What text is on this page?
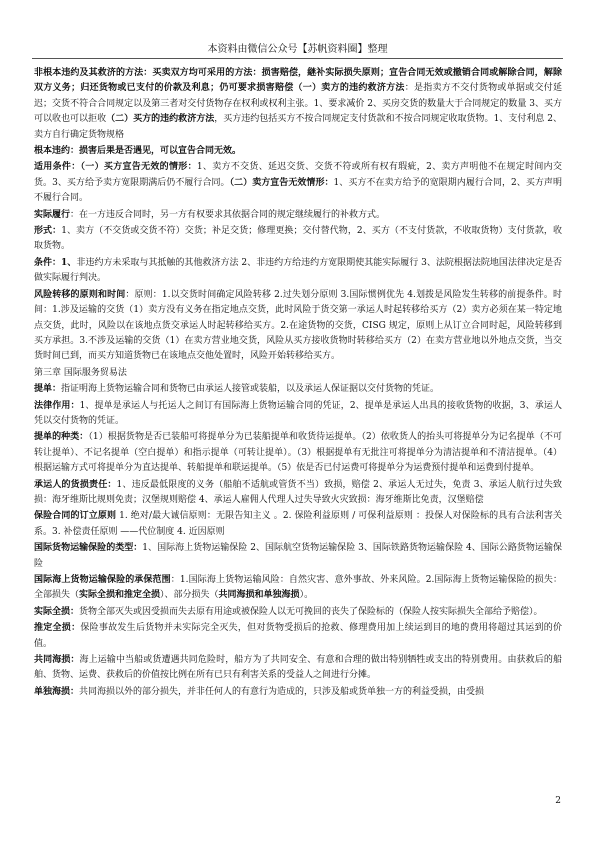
本资料由微信公众号【苏帆资料圈】整理

非根本违约及其救济的方法：买卖双方均可采用的方法：损害赔偿，継补实际损失原则；宣告合同无效或撤销合同或解除合同，解除双方义务；归还货物或已支付的价款及利息；仍可要求损害赔偿（一）卖方的违约救济方法：是指卖方不交付货物或单据或交付延迟；交货不符合合同规定以及第三者对交付货物存在权利或权利主张。1、要求减价 2、买房交货的数量大于合同规定的数量 3、买方可以收也可以拒收（二）买方的违约救济方法，买方违约包括买方不按合同规定支付货款和不按合同规定收取货物。1、支付利息 2、卖方自行确定货物规格

根本违约：损害后果是否遇见，可以宣告合同无效。

适用条件：（一）买方宣告无效的情形：1、卖方不交货、延迟交货、交货不符或所有权有瑕疵，2、卖方声明他不在规定时间内交货。3、买方给予卖方宽限期满后仍不履行合同。（二）卖方宣告无效情形：1、买方不在卖方给予的宽限期内履行合同，2、买方声明不履行合同。

实际履行：在一方违反合同时，另一方有权要求其依据合同的规定继续履行的补救方式。

形式：1、卖方（不交货或交货不符）交货；补足交货；修理更换；交付替代物，2、买方（不支付货款，不收取货物）支付货款，收取货物。

条件：1、非违约方未采取与其抵触的其他救济方法 2、非违约方给违约方宽限期使其能实际履行 3、法院根据法院地国法律决定是否做实际履行判决。

风险转移的原则和时间：原则：1.以交货时间确定风险转移 2.过失划分原则 3.国际惯例优先 4.划拨是风险发生转移的前提条件。时间：1.涉及运输的交货（1）卖方没有义务在指定地点交货，此时风险于货交第一承运人时起转移给买方（2）卖方必须在某一特定地点交货，此时，风险以在该地点货交承运人时起转移给买方。2.在途货物的交货，CISG 规定，原则上从订立合同时起，风险转移到买方承担。3.不涉及运输的交货（1）在卖方营业地交货，风险从买方接收货物时转移给买方（2）在卖方营业地以外地点交货，当交货时间已到，而买方知道货物已在该地点交他处置时，风险开始转移给买方。

第三章 国际服务贸易法

提单：指证明海上货物运输合同和货物已由承运人接管或装船，以及承运人保证据以交付货物的凭证。

法律作用：1、提单是承运人与托运人之间订有国际海上货物运输合同的凭证，2、提单是承运人出具的接收货物的收据，3、承运人凭以交付货物的凭证。

提单的种类：（1）根据货物是否已装船可将提单分为已装船提单和收货待运提单。（2）依收货人的抬头可将提单分为记名提单（不可转让提单）、不记名提单（空白提单）和指示提单（可转让提单）。（3）根据提单有无批注可将提单分为清洁提单和不清洁提单。（4）根据运输方式可将提单分为直达提单、转船提单和联运提单。（5）依是否已付运费可将提单分为运费预付提单和运费到付提单。

承运人的货损责任：1、违反最低限度的义务（船舶不适航或管货不当）致损，赔偿 2、承运人无过失，免责 3、承运人航行过失致损：海牙维斯比规则免责；汉堡规则赔偿 4、承运人雇佣人代理人过失导致火灾致损：海牙维斯比免责，汉堡赔偿

保险合同的订立原则 1. 绝对/最大诚信原则：无限告知主义 。2. 保险利益原则 / 可保利益原则 ：投保人对保险标的具有合法利害关系。3. 补偿责任原则 ——代位制度 4. 近因原则

国际货物运输保险的类型：1、国际海上货物运输保险 2、国际航空货物运输保险 3、国际铁路货物运输保险 4、国际公路货物运输保险

国际海上货物运输保险的承保范围：1.国际海上货物运输风险：自然灾害、意外事故、外来风险。2.国际海上货物运输保险的损失：全部损失（实际全损和推定全损）、部分损失（共同海损和单独海损）。

实际全损：货物全部灭失或因受损而失去原有用途或被保险人以无可挽回的丧失了保险标的（保险人按实际损失全部给予赔偿）。

推定全损：保险事故发生后货物并未实际完全灭失，但对货物受损后的抢救、修理费用加上续运到目的地的费用将超过其运到的价值。

共同海损：海上运输中当船或货遭遇共同危险时，船方为了共同安全、有意和合理的做出特别牺牲或支出的特别费用。由获救后的船舶、货物、运费、获救后的价值按比例在所有已只有利害关系的受益人之间进行分摊。

单独海损：共同海损以外的部分损失，并非任何人的有意行为造成的，只涉及船或货单独一方的利益受损，由受损

2
